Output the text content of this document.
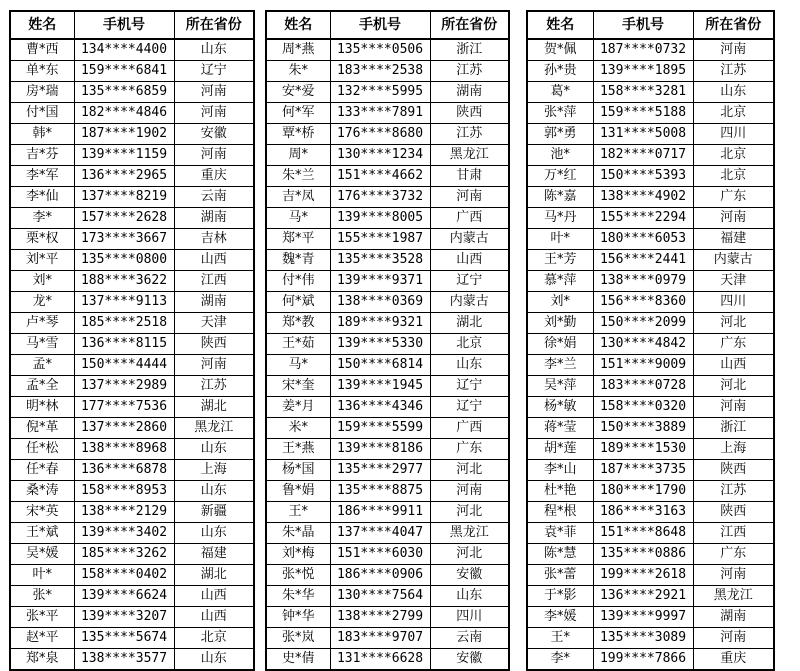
姓名	手机号	所在省份
曹*西	134****4400	山东
单*东	159****6841	辽宁
房*瑞	135****6859	河南
付*国	182****4846	河南
韩*	187****1902	安徽
吉*芬	139****1159	河南
李*军	136****2965	重庆
李*仙	137****8219	云南
李*	157****2628	湖南
栗*权	173****3667	吉林
刘*平	135****0800	山西
刘*	188****3622	江西
龙*	137****9113	湖南
卢*琴	185****2518	天津
马*雪	136****8115	陕西
孟*	150****4444	河南
孟*全	137****2989	江苏
明*林	177****7536	湖北
倪*革	137****2860	黑龙江
任*松	138****8968	山东
任*春	136****6878	上海
桑*涛	158****8953	山东
宋*英	138****2129	新疆
王*斌	139****3402	山东
吴*媛	185****3262	福建
叶*	158****0402	湖北
张*	139****6624	山西
张*平	139****3207	山西
赵*平	135****5674	北京
郑*泉	138****3577	山东
姓名	手机号	所在省份
周*燕	135****0506	浙江
朱*	183****2538	江苏
安*爱	132****5995	湖南
何*军	133****7891	陕西
覃*桥	176****8680	江苏
周*	130****1234	黑龙江
朱*兰	151****4662	甘肃
吉*凤	176****3732	河南
马*	139****8005	广西
郑*平	155****1987	内蒙古
魏*青	135****3528	山西
付*伟	139****9371	辽宁
何*斌	138****0369	内蒙古
郑*教	189****9321	湖北
王*茹	139****5330	北京
马*	150****6814	山东
宋*奎	139****1945	辽宁
姜*月	136****4346	辽宁
米*	159****5599	广西
王*燕	139****8186	广东
杨*国	135****2977	河北
鲁*娟	135****8875	河南
王*	186****9911	河北
朱*晶	137****4047	黑龙江
刘*梅	151****6030	河北
张*悦	186****0906	安徽
朱*华	130****7564	山东
钟*华	138****2799	四川
张*岚	183****9707	云南
史*倩	131****6628	安徽
姓名	手机号	所在省份
贺*佩	187****0732	河南
孙*贵	139****1895	江苏
葛*	158****3281	山东
张*萍	159****5188	北京
郭*勇	131****5008	四川
池*	182****0717	北京
万*红	150****5393	北京
陈*嘉	138****4902	广东
马*丹	155****2294	河南
叶*	180****6053	福建
王*芳	156****2441	内蒙古
慕*萍	138****0979	天津
刘*	156****8360	四川
刘*勤	150****2099	河北
徐*娟	130****4842	广东
李*兰	151****9009	山西
吴*萍	183****0728	河北
杨*敏	158****0320	河南
蒋*莹	150****3889	浙江
胡*莲	189****1530	上海
李*山	187****3735	陕西
杜*艳	180****1790	江苏
程*根	186****3163	陕西
袁*菲	151****8648	江西
陈*慧	135****0886	广东
张*蕾	199****2618	河南
于*影	136****2921	黑龙江
李*媛	139****9997	湖南
王*	135****3089	河南
李*	199****7866	重庆
